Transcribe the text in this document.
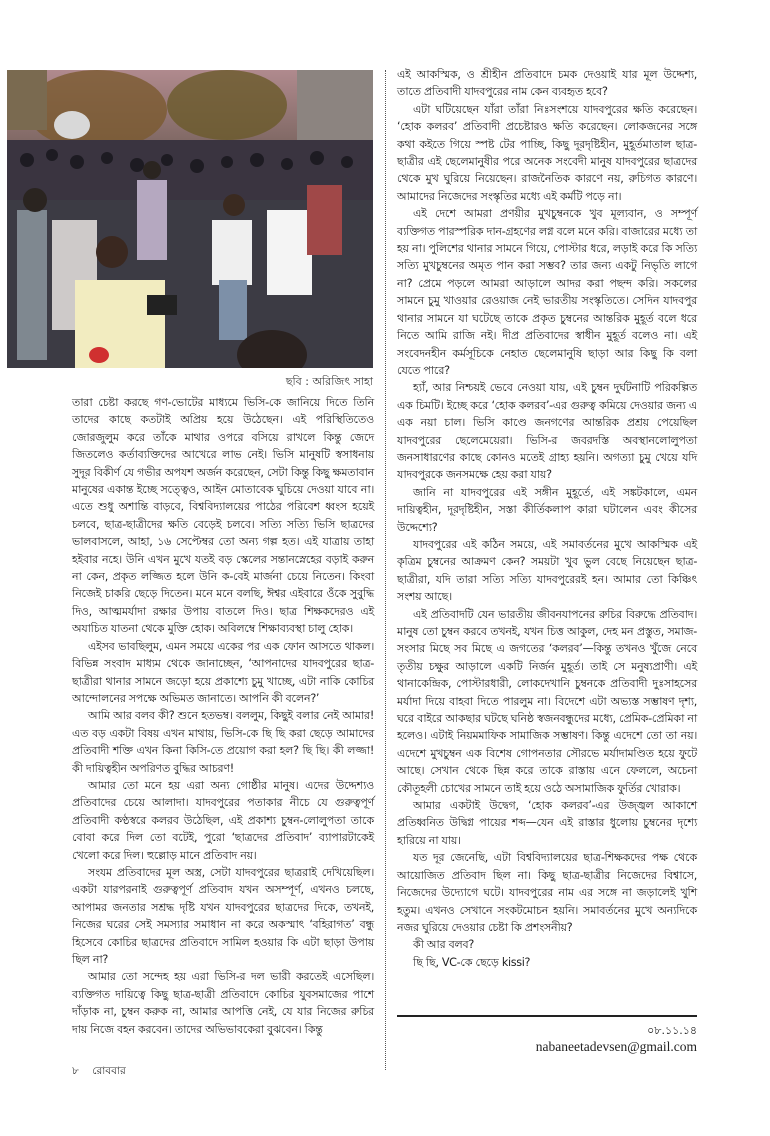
ছবি : অরিজিৎ সাহা

তারা চেষ্টা করছে গণ-ভোটের মাধ্যমে ভিসি-কে জানিয়ে দিতে তিনি তাদের কাছে কতটাই অপ্রিয় হয়ে উঠেছেন। এই পরিস্থিতিতেও জোরজুলুম করে তাঁকে মাথার ওপরে বসিয়ে রাখলে কিন্তু জেদে জিতলেও কর্তাব্যক্তিদের আখেরে লাভ নেই। ভিসি মানুষটি স্বসাধনায় সুদূর বিকীর্ণ যে গভীর অপযশ অর্জন করেছেন, সেটা কিন্তু কিছু ক্ষমতাবান মানুষের একান্ত ইচ্ছে সত্ত্বেও, আইন মোতাবেক ঘুচিয়ে দেওয়া যাবে না। এতে শুধু অশান্তি বাড়বে, বিশ্ববিদ্যালয়ের পাঠের পরিবেশ ধ্বংস হয়েই চলবে, ছাত্র-ছাত্রীদের ক্ষতি বেড়েই চলবে। সত্যি সত্যি ভিসি ছাত্রদের ভালবাসলে, আহা, ১৬ সেপ্টেম্বর তো অন্য গল্প হত। এই যাত্রায় তাহা হইবার নহে। উনি এখন মুখে যতই বড় স্কেলের সন্তানস্নেহের বড়াই করুন না কেন, প্রকৃত লজ্জিত হলে উনি ক-বেই মার্জনা চেয়ে নিতেন। কিংবা নিজেই চাকরি ছেড়ে দিতেন। মনে মনে বলছি, ঈশ্বর এইবারে ওঁকে সুবুদ্ধি দিও, আত্মমর্যাদা রক্ষার উপায় বাতলে দিও। ছাত্র শিক্ষকদেরও এই অযাচিত যাতনা থেকে মুক্তি হোক। অবিলম্বে শিক্ষাব্যবস্থা চালু হোক।

এইসব ভাবছিলুম, এমন সময়ে একের পর এক ফোন আসতে থাকল। বিভিন্ন সংবাদ মাধ্যম থেকে জানাচ্ছেন, ‘আপনাদের যাদবপুরের ছাত্র-ছাত্রীরা থানার সামনে জড়ো হয়ে প্রকাশ্যে চুমু খাচ্ছে, এটা নাকি কোচির আন্দোলনের সপক্ষে অভিমত জানাতে। আপনি কী বলেন?’

আমি আর বলব কী? শুনে হতভম্ব। বললুম, কিছুই বলার নেই আমার! এত বড় একটা বিষয় এখন মাথায়, ভিসি-কে ছি ছি করা ছেড়ে আমাদের প্রতিবাদী শক্তি এখন কিনা কিসি-তে প্রয়োগ করা হল? ছি ছি। কী লজ্জা! কী দায়িত্বহীন অপরিণত বুদ্ধির আচরণ!

আমার তো মনে হয় এরা অন্য গোষ্ঠীর মানুষ। এদের উদ্দেশ্যও প্রতিবাদের চেয়ে আলাদা। যাদবপুরের পতাকার নীচে যে গুরুত্বপূর্ণ প্রতিবাদী কণ্ঠস্বরে কলরব উঠেছিল, এই প্রকাশ্য চুম্বন-লোলুপতা তাকে বোবা করে দিল তো বটেই, পুরো ‘ছাত্রদের প্রতিবাদ’ ব্যাপারটাকেই খেলো করে দিল। হুল্লোড় মানে প্রতিবাদ নয়।

সংযম প্রতিবাদের মূল অস্ত্র, সেটা যাদবপুরের ছাত্ররাই দেখিয়েছিল। একটা যারপরনাই গুরুত্বপূর্ণ প্রতিবাদ যখন অসম্পূর্ণ, এখনও চলছে, আপামর জনতার সশ্রদ্ধ দৃষ্টি যখন যাদবপুরের ছাত্রদের দিকে, তখনই, নিজের ঘরের সেই সমস্যার সমাধান না করে অকস্মাৎ ‘বহিরাগত’ বন্ধু হিসেবে কোচির ছাত্রদের প্রতিবাদে সামিল হওয়ার কি এটা ছাড়া উপায় ছিল না?

আমার তো সন্দেহ হয় এরা ভিসি-র দল ভারী করতেই এসেছিল। ব্যক্তিগত দায়িত্বে কিছু ছাত্র-ছাত্রী প্রতিবাদে কোচির যুবসমাজের পাশে দাঁড়াক না, চুম্বন করুক না, আমার আপত্তি নেই, যে যার নিজের রুচির দায় নিজে বহন করবেন। তাদের অভিভাবকেরা বুঝবেন। কিন্তু

এই আকস্মিক, ও শ্রীহীন প্রতিবাদে চমক দেওয়াই যার মূল উদ্দেশ্য, তাতে প্রতিবাদী যাদবপুরের নাম কেন ব্যবহৃত হবে?

এটা ঘটিয়েছেন যাঁরা তাঁরা নিঃসংশয়ে যাদবপুরের ক্ষতি করেছেন। ‘হোক কলরব’ প্রতিবাদী প্রচেষ্টারও ক্ষতি করেছেন। লোকজনের সঙ্গে কথা কইতে গিয়ে স্পষ্ট টের পাচ্ছি, কিছু দূরদৃষ্টিহীন, মুহূর্তমাতাল ছাত্র-ছাত্রীর এই ছেলেমানুষীর পরে অনেক সংবেদী মানুষ যাদবপুরের ছাত্রদের থেকে মুখ ঘুরিয়ে নিয়েছেন। রাজনৈতিক কারণে নয়, রুচিগত কারণে। আমাদের নিজেদের সংস্কৃতির মধ্যে এই কর্মটি পড়ে না।

এই দেশে আমরা প্রণয়ীর মুখচুম্বনকে খুব মূল্যবান, ও সম্পূর্ণ ব্যক্তিগত পারস্পরিক দান-গ্রহণের লগ্ন বলে মনে করি। বাজারের মধ্যে তা হয় না। পুলিশের থানার সামনে গিয়ে, পোস্টার ধরে, লড়াই করে কি সত্যি সত্যি মুখচুম্বনের অমৃত পান করা সম্ভব? তার জন্য একটু নিভৃতি লাগে না? প্রেমে পড়লে আমরা আড়ালে আদর করা পছন্দ করি। সকলের সামনে চুমু খাওয়ার রেওয়াজ নেই ভারতীয় সংস্কৃতিতে। সেদিন যাদবপুর থানার সামনে যা ঘটেছে তাকে প্রকৃত চুম্বনের আন্তরিক মুহূর্ত বলে ধরে নিতে আমি রাজি নই। দীপ্র প্রতিবাদের স্বাধীন মুহূর্ত বলেও না। এই সংবেদনহীন কর্মসূচিকে নেহাত ছেলেমানুষি ছাড়া আর কিছু কি বলা যেতে পারে?

হ্যাঁ, আর নিশ্চয়ই ভেবে নেওয়া যায়, এই চুম্বন দুর্ঘটনাটি পরিকল্পিত এক চিমটি। ইচ্ছে করে ‘হোক কলরব’-এর গুরুত্ব কমিয়ে দেওয়ার জন্য এ এক নয়া চাল। ভিসি কাণ্ডে জনগণের আন্তরিক প্রশ্রয় পেয়েছিল যাদবপুরের ছেলেমেয়েরা। ভিসি-র জবরদস্তি অবস্থানলোলুপতা জনসাধারণের কাছে কোনও মতেই গ্রাহ্য হয়নি। অগত্যা চুমু খেয়ে যদি যাদবপুরকে জনসমক্ষে হেয় করা যায়?

জানি না যাদবপুরের এই সঙ্গীন মুহূর্তে, এই সঙ্কটকালে, এমন দায়িত্বহীন, দূরদৃষ্টিহীন, সস্তা কীর্তিকলাপ কারা ঘটালেন এবং কীসের উদ্দেশ্যে?

যাদবপুরের এই কঠিন সময়ে, এই সমাবর্তনের মুখে আকস্মিক এই কৃত্রিম চুম্বনের আক্রমণ কেন? সময়টা খুব ভুল বেছে নিয়েছেন ছাত্র-ছাত্রীরা, যদি তারা সত্যি সত্যি যাদবপুরেরই হন। আমার তো কিঞ্চিৎ সংশয় আছে।

এই প্রতিবাদটি যেন ভারতীয় জীবনযাপনের রুচির বিরুদ্ধে প্রতিবাদ। মানুষ তো চুম্বন করবে তখনই, যখন চিত্ত আকুল, দেহ মন প্রস্তুত, সমাজ-সংসার মিছে সব মিছে এ জগতের ‘কলরব’—কিন্তু তখনও খুঁজে নেবে তৃতীয় চক্ষুর আড়ালে একটি নির্জন মুহূর্ত। তাই সে মনুষ্যপ্রাণী। এই থানাকেন্দ্রিক, পোস্টারধারী, লোকদেখানি চুম্বনকে প্রতিবাদী দুঃসাহসের মর্যাদা দিয়ে বাহবা দিতে পারলুম না। বিদেশে এটা অভ্যস্ত সম্ভাষণ দৃশ্য, ঘরে বাইরে আকছার ঘটছে ঘনিষ্ঠ স্বজনবন্ধুদের মধ্যে, প্রেমিক-প্রেমিকা না হলেও। এটাই নিয়মমাফিক সামাজিক সম্ভাষণ। কিন্তু এদেশে তো তা নয়। এদেশে মুখচুম্বন এক বিশেষ গোপনতার সৌরভে মর্যাদামণ্ডিত হয়ে ফুটে আছে। সেখান থেকে ছিন্ন করে তাকে রাস্তায় এনে ফেললে, অচেনা কৌতূহলী চোখের সামনে তাই হয়ে ওঠে অসামাজিক ফুর্তির খোরাক।

আমার একটাই উদ্বেগ, ‘হোক কলরব’-এর উজ্জ্বল আকাশে প্রতিধ্বনিত উদ্বিগ্ন পায়ের শব্দ—যেন এই রাস্তার ধুলোয় চুম্বনের দৃশ্যে হারিয়ে না যায়।

যত দূর জেনেছি, এটা বিশ্ববিদ্যালয়ের ছাত্র-শিক্ষকদের পক্ষ থেকে আয়োজিত প্রতিবাদ ছিল না। কিছু ছাত্র-ছাত্রীর নিজেদের বিশ্বাসে, নিজেদের উদ্যোগে ঘটে। যাদবপুরের নাম এর সঙ্গে না জড়ালেই খুশি হতুম। এখনও সেখানে সংকটমোচন হয়নি। সমাবর্তনের মুখে অন্যদিকে নজর ঘুরিয়ে দেওয়ার চেষ্টা কি প্রশংসনীয়?

কী আর বলব?

ছি ছি, VC-কে ছেড়ে kissi?

০৮.১১.১৪
nabaneetadevsen@gmail.com
৮ রোববার
